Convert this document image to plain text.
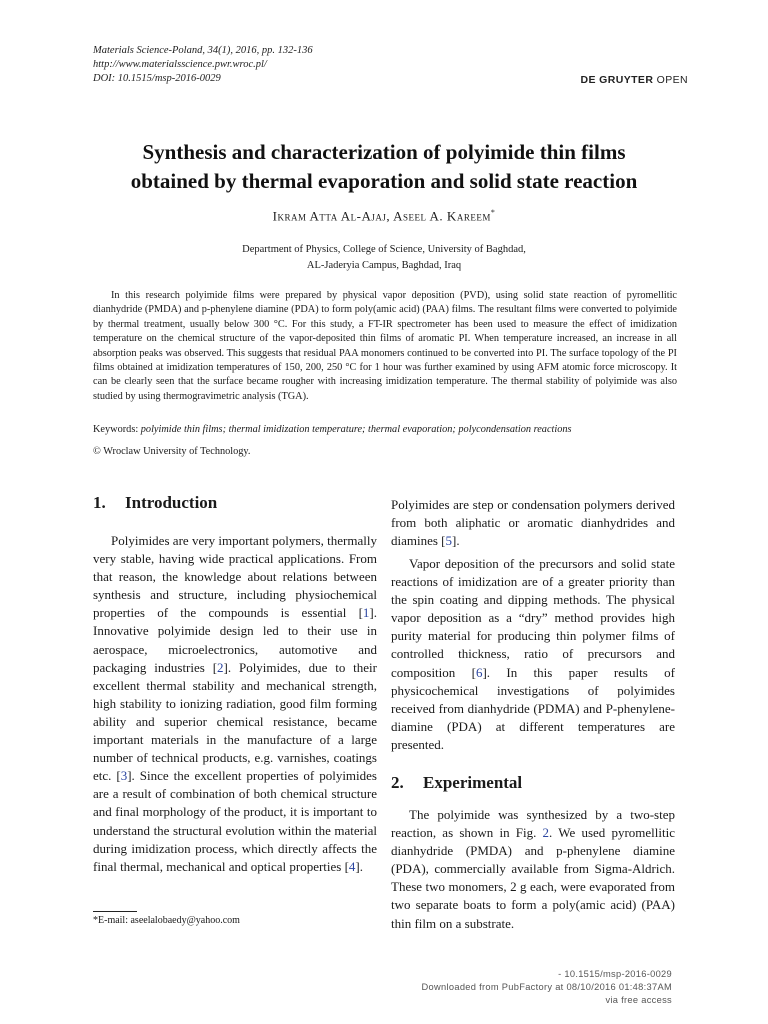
Materials Science-Poland, 34(1), 2016, pp. 132-136
http://www.materialsscience.pwr.wroc.pl/
DOI: 10.1515/msp-2016-0029	DE GRUYTER OPEN
Synthesis and characterization of polyimide thin films
obtained by thermal evaporation and solid state reaction
Ikram Atta Al-Ajaj, Aseel A. Kareem*
Department of Physics, College of Science, University of Baghdad,
AL-Jaderyia Campus, Baghdad, Iraq

In this research polyimide films were prepared by physical vapor deposition (PVD), using solid state reaction of pyromellitic dianhydride (PMDA) and p-phenylene diamine (PDA) to form poly(amic acid) (PAA) films. The resultant films were converted to polyimide by thermal treatment, usually below 300 °C. For this study, a FT-IR spectrometer has been used to measure the effect of imidization temperature on the chemical structure of the vapor-deposited thin films of aromatic PI. When temperature increased, an increase in all absorption peaks was observed. This suggests that residual PAA monomers continued to be converted into PI. The surface topology of the PI films obtained at imidization temperatures of 150, 200, 250 °C for 1 hour was further examined by using AFM atomic force microscopy. It can be clearly seen that the surface became rougher with increasing imidization temperature. The thermal stability of polyimide was also studied by using thermogravimetric analysis (TGA).

Keywords: polyimide thin films; thermal imidization temperature; thermal evaporation; polycondensation reactions
© Wroclaw University of Technology.
1. Introduction

Polyimides are very important polymers, thermally very stable, having wide practical applications. From that reason, the knowledge about relations between synthesis and structure, including physiochemical properties of the compounds is essential [1]. Innovative polyimide design led to their use in aerospace, microelectronics, automotive and packaging industries [2]. Polyimides, due to their excellent thermal stability and mechanical strength, high stability to ionizing radiation, good film forming ability and superior chemical resistance, became important materials in the manufacture of a large number of technical products, e.g. varnishes, coatings etc. [3]. Since the excellent properties of polyimides are a result of combination of both chemical structure and final morphology of the product, it is important to understand the structural evolution within the material during imidization process, which directly affects the final thermal, mechanical and optical properties [4].

*E-mail: aseelalobaedy@yahoo.com

Polyimides are step or condensation polymers derived from both aliphatic or aromatic dianhydrides and diamines [5].

Vapor deposition of the precursors and solid state reactions of imidization are of a greater priority than the spin coating and dipping methods. The physical vapor deposition as a “dry” method provides high purity material for producing thin polymer films of controlled thickness, ratio of precursors and composition [6]. In this paper results of physicochemical investigations of polyimides received from dianhydride (PDMA) and P-phenylene-diamine (PDA) at different temperatures are presented.

2. Experimental

The polyimide was synthesized by a two-step reaction, as shown in Fig. 2. We used pyromellitic dianhydride (PMDA) and p-phenylene diamine (PDA), commercially available from Sigma-Aldrich. These two monomers, 2 g each, were evaporated from two separate boats to form a poly(amic acid) (PAA) thin film on a substrate.

- 10.1515/msp-2016-0029
Downloaded from PubFactory at 08/10/2016 01:48:37AM
via free access
